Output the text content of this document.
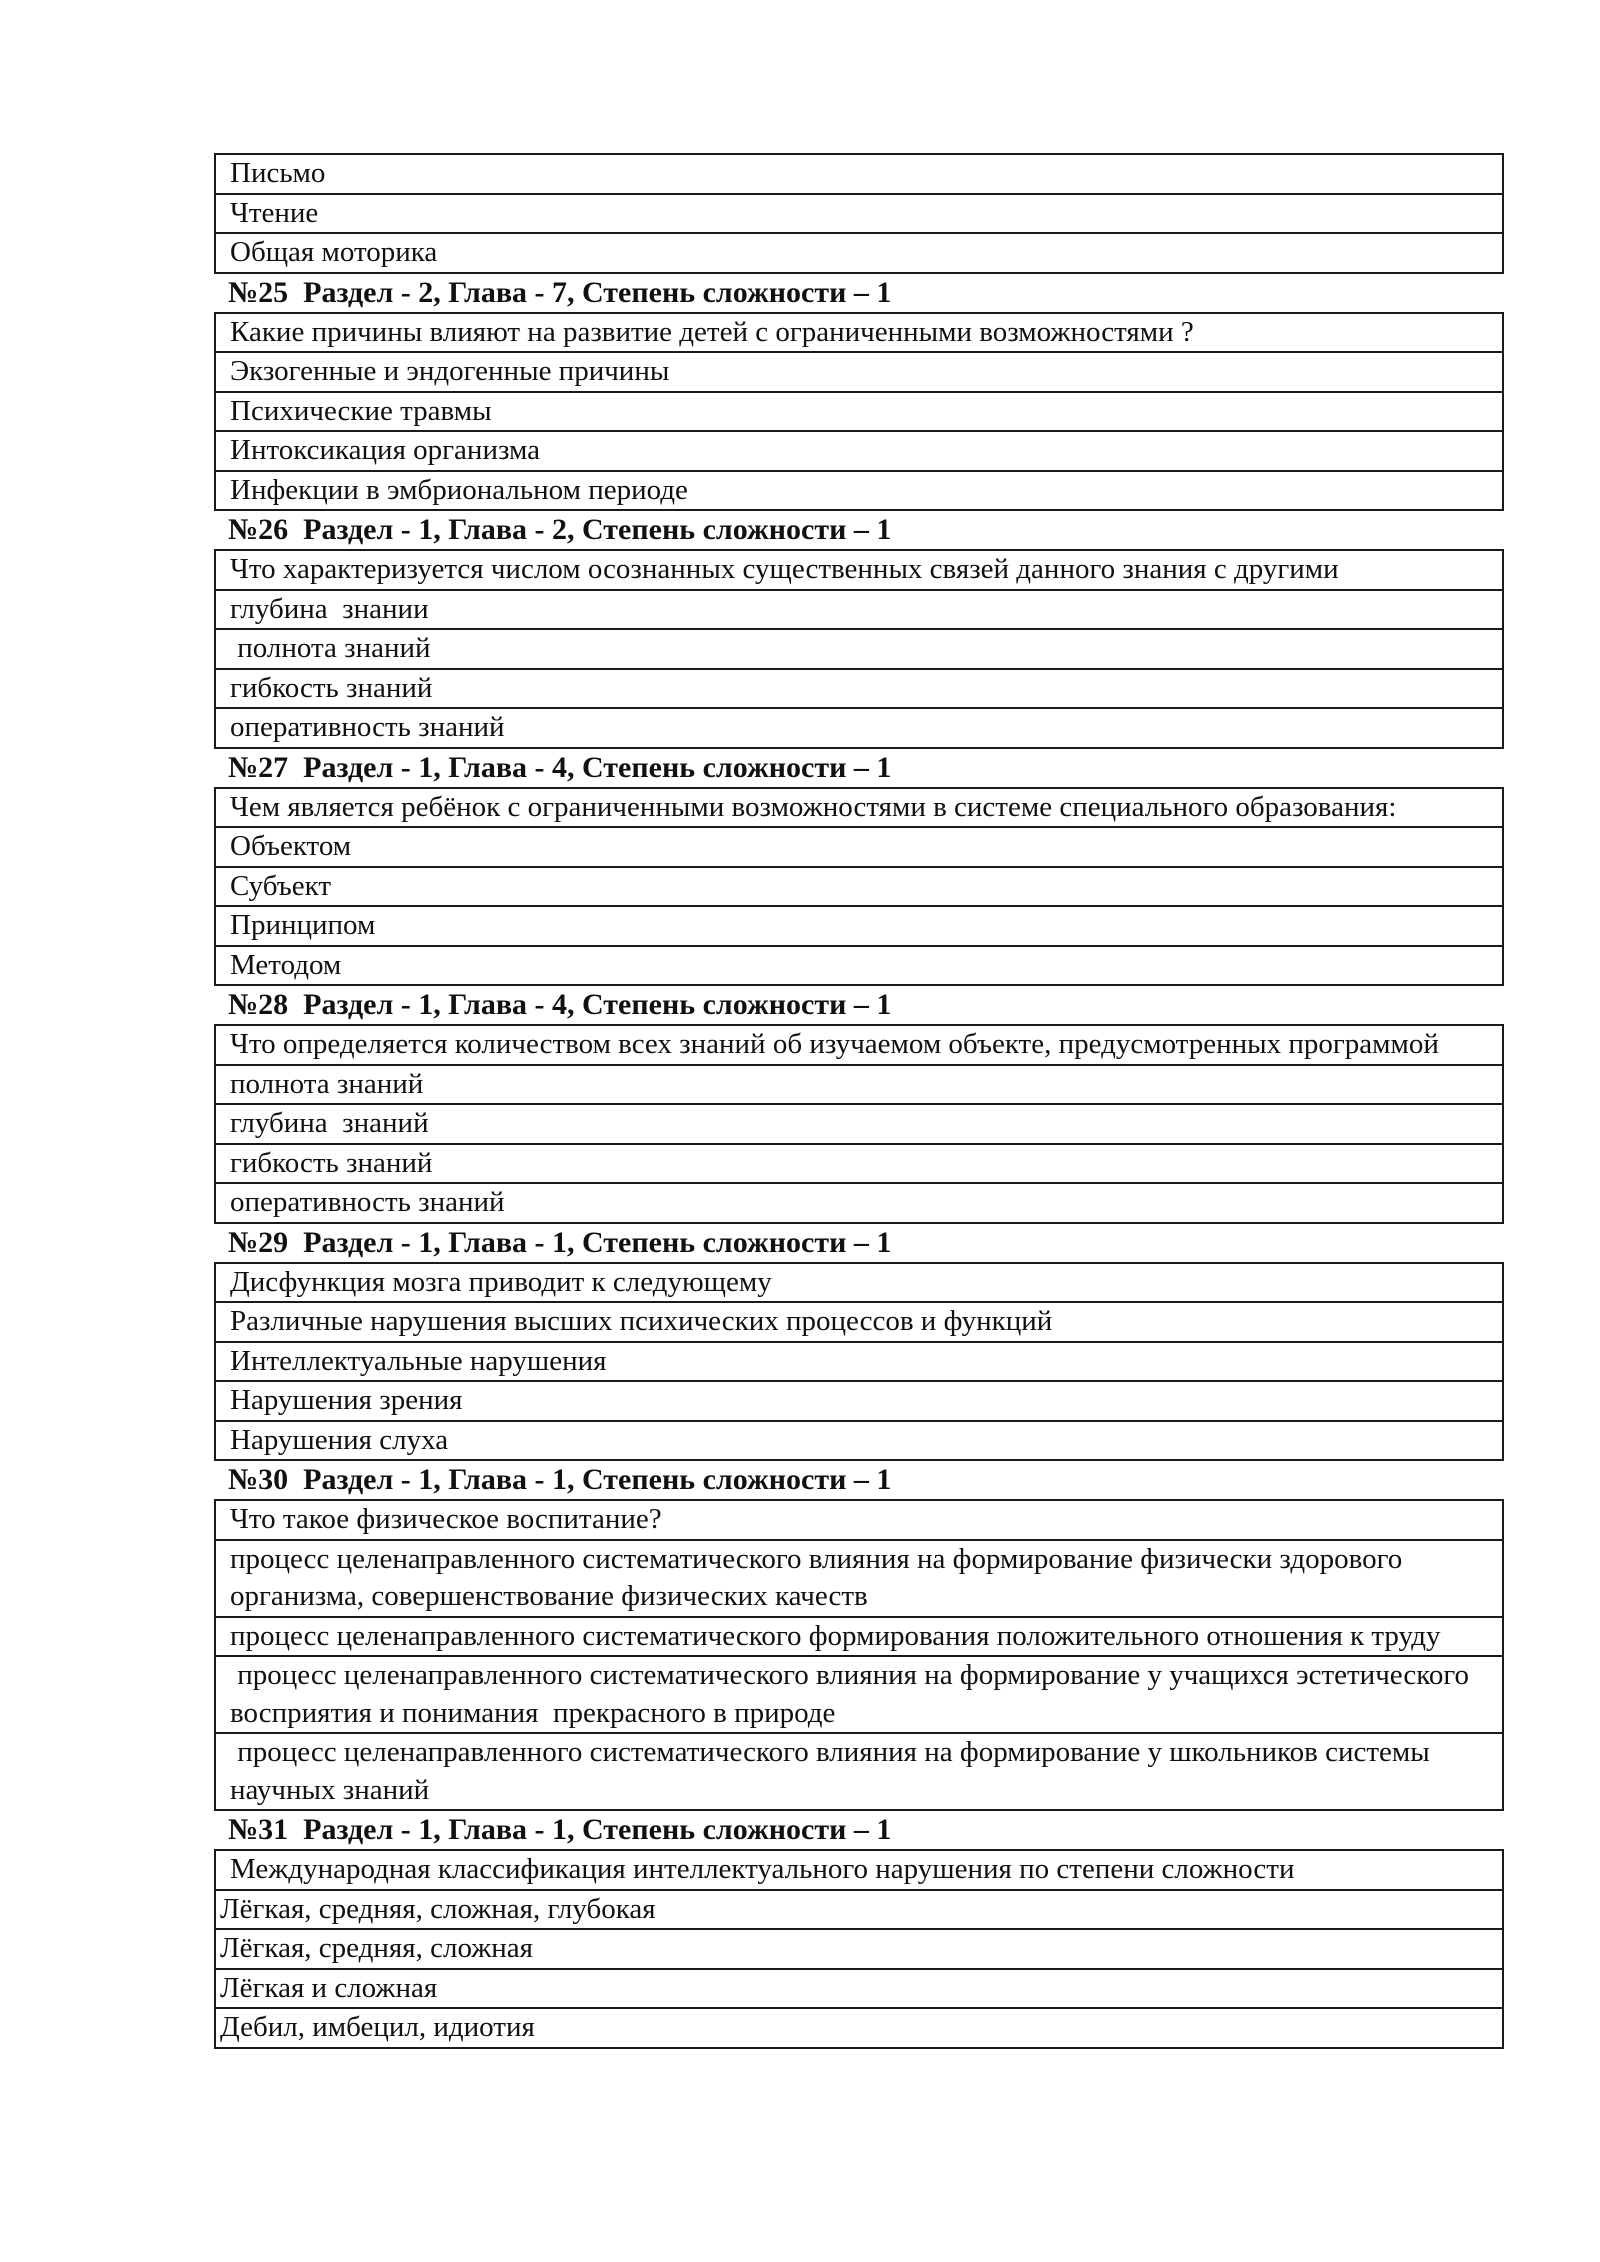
Письмо
Чтение
Общая моторика
№25  Раздел - 2, Глава - 7, Степень сложности – 1
Какие причины влияют на развитие детей с ограниченными возможностями ?
Экзогенные и эндогенные причины
Психические травмы
Интоксикация организма
Инфекции в эмбриональном периоде
№26  Раздел - 1, Глава - 2, Степень сложности – 1
Что характеризуется числом осознанных существенных связей данного знания с другими
глубина  знании
полнота знаний
гибкость знаний
оперативность знаний
№27  Раздел - 1, Глава - 4, Степень сложности – 1
Чем является ребёнок с ограниченными возможностями в системе специального образования:
Объектом
Субъект
Принципом
Методом
№28  Раздел - 1, Глава - 4, Степень сложности – 1
Что определяется количеством всех знаний об изучаемом объекте, предусмотренных программой
полнота знаний
глубина  знаний
гибкость знаний
оперативность знаний
№29  Раздел - 1, Глава - 1, Степень сложности – 1
Дисфункция мозга приводит к следующему
Различные нарушения высших психических процессов и функций
Интеллектуальные нарушения
Нарушения зрения
Нарушения слуха
№30  Раздел - 1, Глава - 1, Степень сложности – 1
Что такое физическое воспитание?
процесс целенаправленного систематического влияния на формирование физически здорового организма, совершенствование физических качеств
процесс целенаправленного систематического формирования положительного отношения к труду
процесс целенаправленного систематического влияния на формирование у учащихся эстетического  восприятия и понимания  прекрасного в природе
процесс целенаправленного систематического влияния на формирование у школьников системы научных знаний
№31  Раздел - 1, Глава - 1, Степень сложности – 1
Международная классификация интеллектуального нарушения по степени сложности
Лёгкая, средняя, сложная, глубокая
Лёгкая, средняя, сложная
Лёгкая и сложная
Дебил, имбецил, идиотия
